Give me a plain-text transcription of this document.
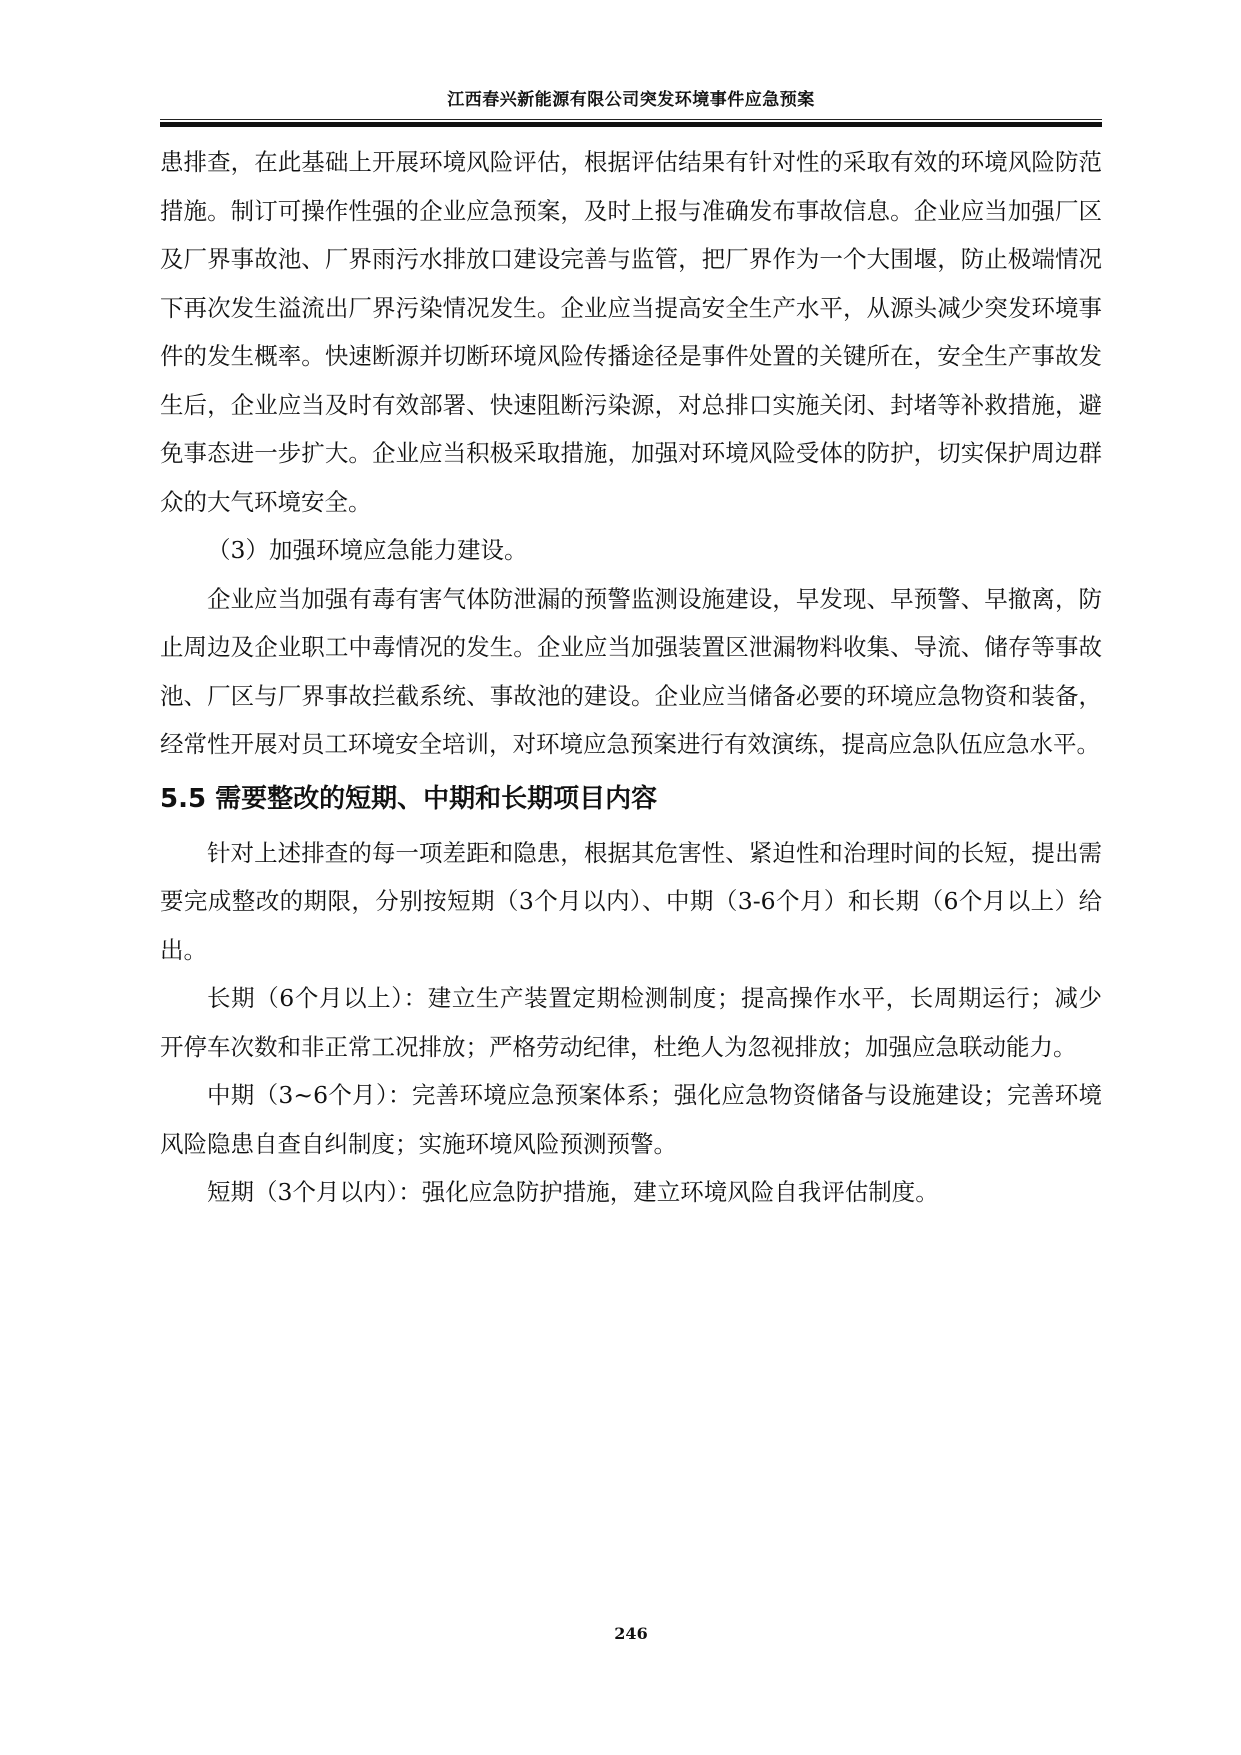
江西春兴新能源有限公司突发环境事件应急预案

患排查，在此基础上开展环境风险评估，根据评估结果有针对性的采取有效的环境风险防范措施。制订可操作性强的企业应急预案，及时上报与准确发布事故信息。企业应当加强厂区及厂界事故池、厂界雨污水排放口建设完善与监管，把厂界作为一个大围堰，防止极端情况下再次发生溢流出厂界污染情况发生。企业应当提高安全生产水平，从源头减少突发环境事件的发生概率。快速断源并切断环境风险传播途径是事件处置的关键所在，安全生产事故发生后，企业应当及时有效部署、快速阻断污染源，对总排口实施关闭、封堵等补救措施，避免事态进一步扩大。企业应当积极采取措施，加强对环境风险受体的防护，切实保护周边群众的大气环境安全。

（3）加强环境应急能力建设。

企业应当加强有毒有害气体防泄漏的预警监测设施建设，早发现、早预警、早撤离，防止周边及企业职工中毒情况的发生。企业应当加强装置区泄漏物料收集、导流、储存等事故池、厂区与厂界事故拦截系统、事故池的建设。企业应当储备必要的环境应急物资和装备，经常性开展对员工环境安全培训，对环境应急预案进行有效演练，提高应急队伍应急水平。

5.5 需要整改的短期、中期和长期项目内容

针对上述排查的每一项差距和隐患，根据其危害性、紧迫性和治理时间的长短，提出需要完成整改的期限，分别按短期（3个月以内）、中期（3-6个月）和长期（6个月以上）给出。

长期（6个月以上）：建立生产装置定期检测制度；提高操作水平，长周期运行；减少开停车次数和非正常工况排放；严格劳动纪律，杜绝人为忽视排放；加强应急联动能力。

中期（3~6个月）：完善环境应急预案体系；强化应急物资储备与设施建设；完善环境风险隐患自查自纠制度；实施环境风险预测预警。

短期（3个月以内）：强化应急防护措施，建立环境风险自我评估制度。

246
